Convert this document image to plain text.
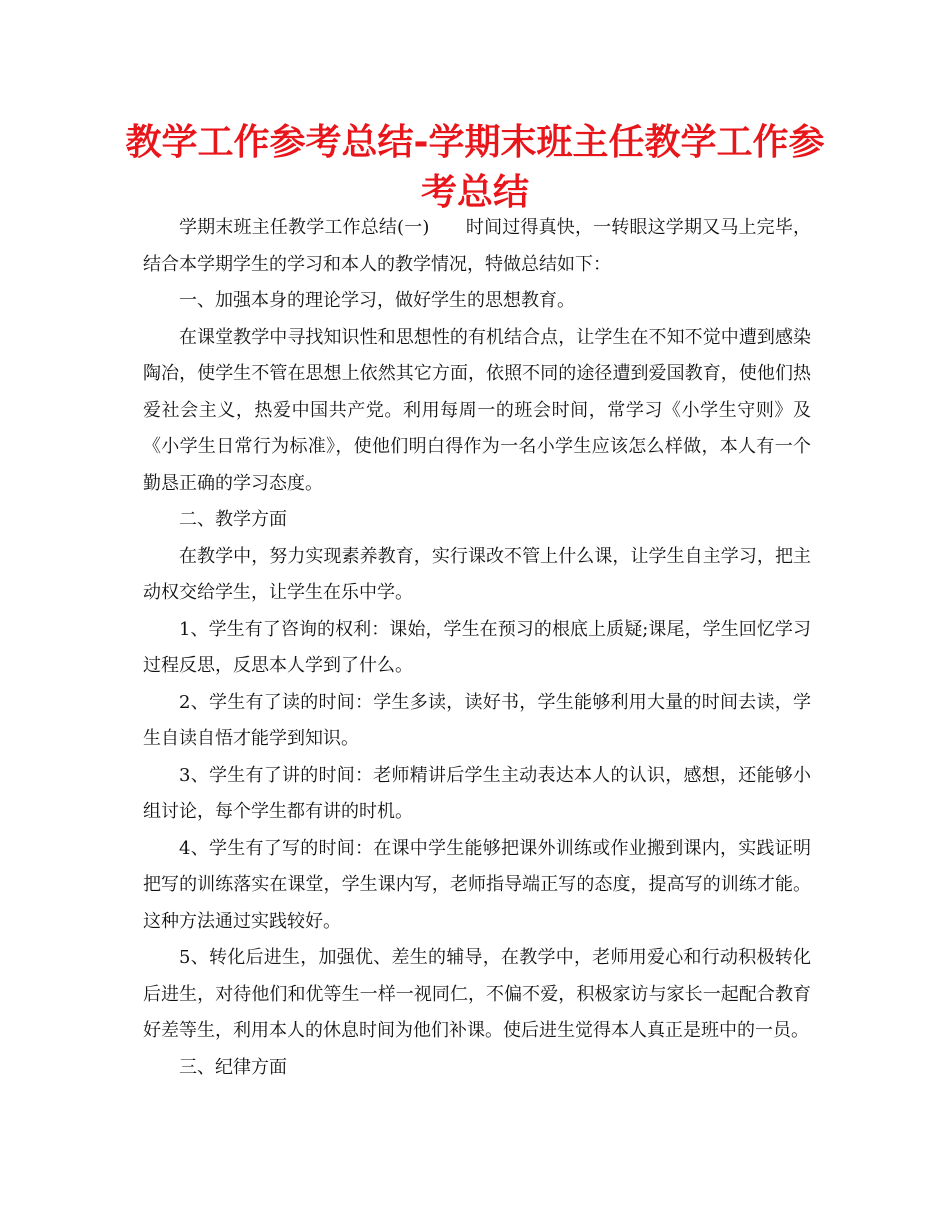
教学工作参考总结-学期末班主任教学工作参考总结

学期末班主任教学工作总结(一)　　时间过得真快，一转眼这学期又马上完毕，结合本学期学生的学习和本人的教学情况，特做总结如下：

一、加强本身的理论学习，做好学生的思想教育。

在课堂教学中寻找知识性和思想性的有机结合点，让学生在不知不觉中遭到感染陶冶，使学生不管在思想上依然其它方面，依照不同的途径遭到爱国教育，使他们热爱社会主义，热爱中国共产党。利用每周一的班会时间，常学习《小学生守则》及《小学生日常行为标准》，使他们明白得作为一名小学生应该怎么样做，本人有一个勤恳正确的学习态度。

二、教学方面

在教学中，努力实现素养教育，实行课改不管上什么课，让学生自主学习，把主动权交给学生，让学生在乐中学。

1、学生有了咨询的权利：课始，学生在预习的根底上质疑;课尾，学生回忆学习过程反思，反思本人学到了什么。

2、学生有了读的时间：学生多读，读好书，学生能够利用大量的时间去读，学生自读自悟才能学到知识。

3、学生有了讲的时间：老师精讲后学生主动表达本人的认识，感想，还能够小组讨论，每个学生都有讲的时机。

4、学生有了写的时间：在课中学生能够把课外训练或作业搬到课内，实践证明把写的训练落实在课堂，学生课内写，老师指导端正写的态度，提高写的训练才能。这种方法通过实践较好。

5、转化后进生，加强优、差生的辅导，在教学中，老师用爱心和行动积极转化后进生，对待他们和优等生一样一视同仁，不偏不爱，积极家访与家长一起配合教育好差等生，利用本人的休息时间为他们补课。使后进生觉得本人真正是班中的一员。

三、纪律方面
